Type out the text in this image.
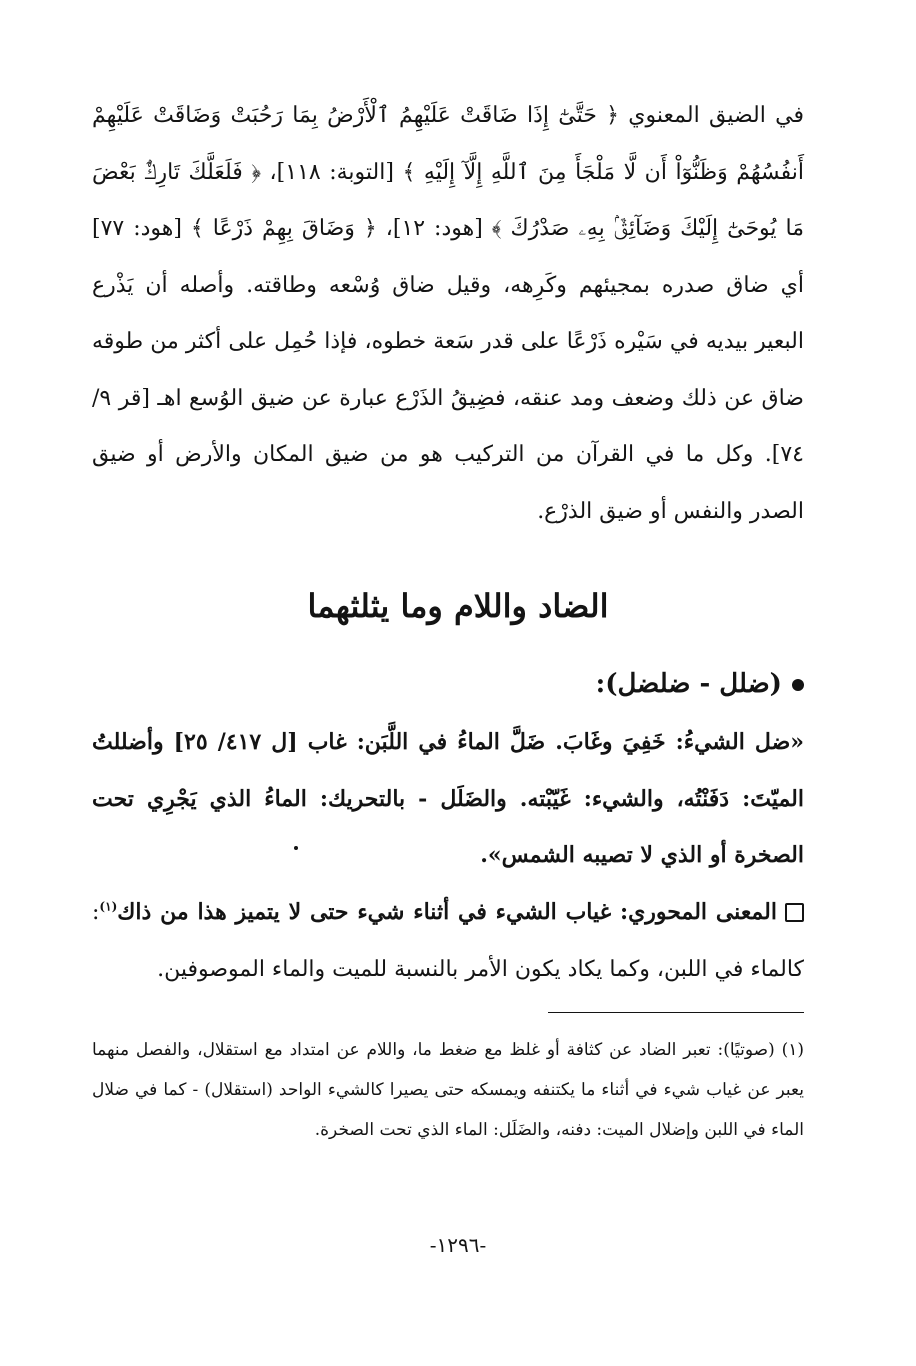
في الضيق المعنوي ﴿ حَتَّىٰٓ إِذَا ضَاقَتْ عَلَيْهِمُ ٱلْأَرْضُ بِمَا رَحُبَتْ وَضَاقَتْ عَلَيْهِمْ أَنفُسُهُمْ وَظَنُّوٓاْ أَن لَّا مَلْجَأَ مِنَ ٱللَّهِ إِلَّآ إِلَيْهِ ﴾ [التوبة: ١١٨]، ﴿ فَلَعَلَّكَ تَارِكٌۢ بَعْضَ مَا يُوحَىٰٓ إِلَيْكَ وَضَآئِقٌۢ بِهِۦ صَدْرُكَ ﴾ [هود: ١٢]، ﴿ وَضَاقَ بِهِمْ ذَرْعًا ﴾ [هود: ٧٧] أي ضاق صدره بمجيئهم وكَرِهه، وقيل ضاق وُسْعه وطاقته. وأصله أن يَذْرع البعير بيديه في سَيْره ذَرْعًا على قدر سَعة خطوه، فإذا حُمِل على أكثر من طوقه ضاق عن ذلك وضعف ومد عنقه، فضِيقُ الذَرْع عبارة عن ضيق الوُسع اهـ [قر ٩/ ٧٤]. وكل ما في القرآن من التركيب هو من ضيق المكان والأرض أو ضيق الصدر والنفس أو ضيق الذرْع.

الضاد واللام وما يثلثهما

(ضلل - ضلضل):

«ضل الشيءُ: خَفِيَ وغَابَ. ضَلَّ الماءُ في اللَّبَن: غاب [ل ٤١٧/ ٢٥] وأضللتُ الميّتَ: دَفَنْتُه، والشيء: غَيّبْته. والضَلَل - بالتحريك: الماءُ الذي يَجْرِي تحت الصخرة أو الذي لا تصيبه الشمس».

المعنى المحوري: غياب الشيء في أثناء شيء حتى لا يتميز هذا من ذاك$^{(١)}$: كالماء في اللبن، وكما يكاد يكون الأمر بالنسبة للميت والماء الموصوفين.

(١) (صوتيًا): تعبر الضاد عن كثافة أو غلظ مع ضغط ما، واللام عن امتداد مع استقلال، والفصل منهما يعبر عن غياب شيء في أثناء ما يكتنفه ويمسكه حتى يصيرا كالشيء الواحد (استقلال) - كما في ضلال الماء في اللبن وإضلال الميت: دفنه، والضَلَل: الماء الذي تحت الصخرة.

-١٢٩٦-
